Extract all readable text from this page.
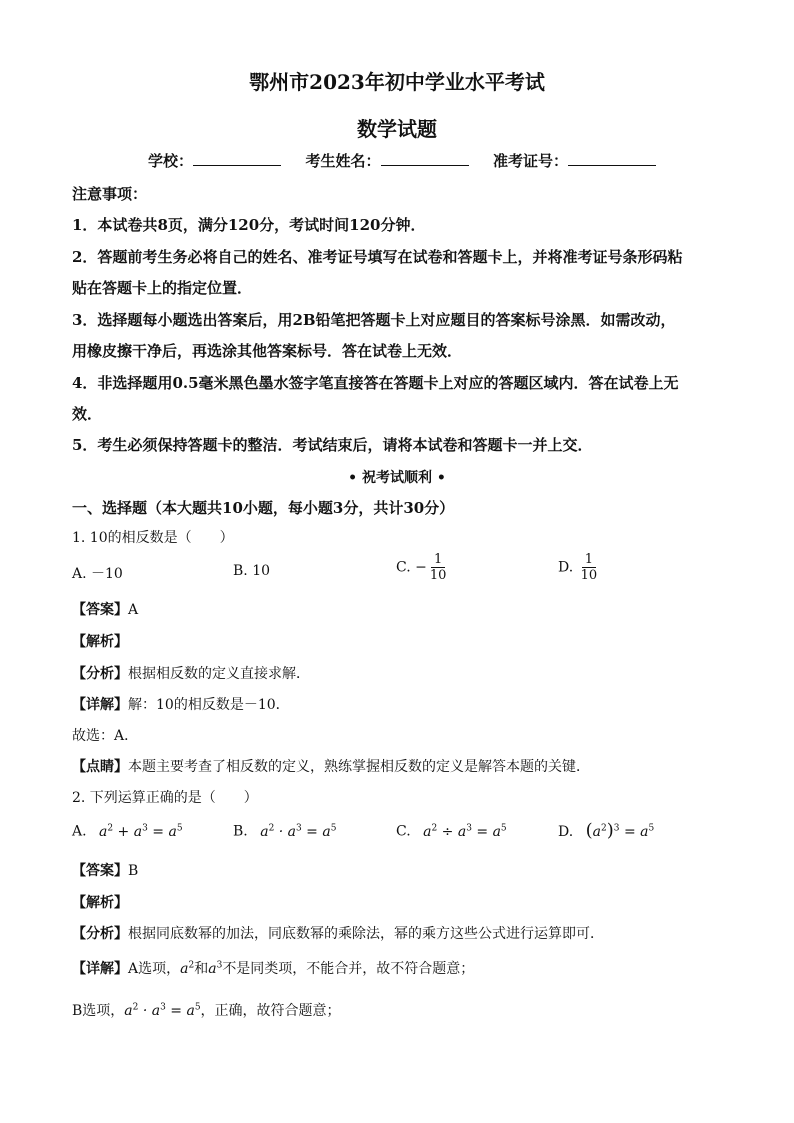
鄂州市2023年初中学业水平考试
数学试题
学校：	考生姓名：	准考证号：
注意事项：
1．本试卷共8页，满分120分，考试时间120分钟．
2．答题前考生务必将自己的姓名、准考证号填写在试卷和答题卡上，并将准考证号条形码粘
贴在答题卡上的指定位置．
3．选择题每小题选出答案后，用2B铅笔把答题卡上对应题目的答案标号涂黑．如需改动，
用橡皮擦干净后，再选涂其他答案标号．答在试卷上无效．
4．非选择题用0.5毫米黑色墨水签字笔直接答在答题卡上对应的答题区域内．答在试卷上无
效．
5．考生必须保持答题卡的整洁．考试结束后，请将本试卷和答题卡一并上交．
• 祝考试顺利 •
一、选择题（本大题共10小题，每小题3分，共计30分）
1. 10的相反数是（　　）
A. －10	B. 10	C. − $\frac{1}{10}$	D. $\frac{1}{10}$
【答案】A
【解析】
【分析】根据相反数的定义直接求解．
【详解】解：10的相反数是－10．
故选：A．
【点睛】本题主要考查了相反数的定义，熟练掌握相反数的定义是解答本题的关键．
2. 下列运算正确的是（　　）
A. $a^2 + a^3 = a^5$	B. $a^2 \cdot a^3 = a^5$	C. $a^2 \div a^3 = a^5$	D. $(a^2)^3 = a^5$
【答案】B
【解析】
【分析】根据同底数幂的加法，同底数幂的乘除法，幂的乘方这些公式进行运算即可．
【详解】A选项，$a^2$和$a^3$不是同类项，不能合并，故不符合题意；
B选项，$a^2 \cdot a^3 = a^5$，正确，故符合题意；
